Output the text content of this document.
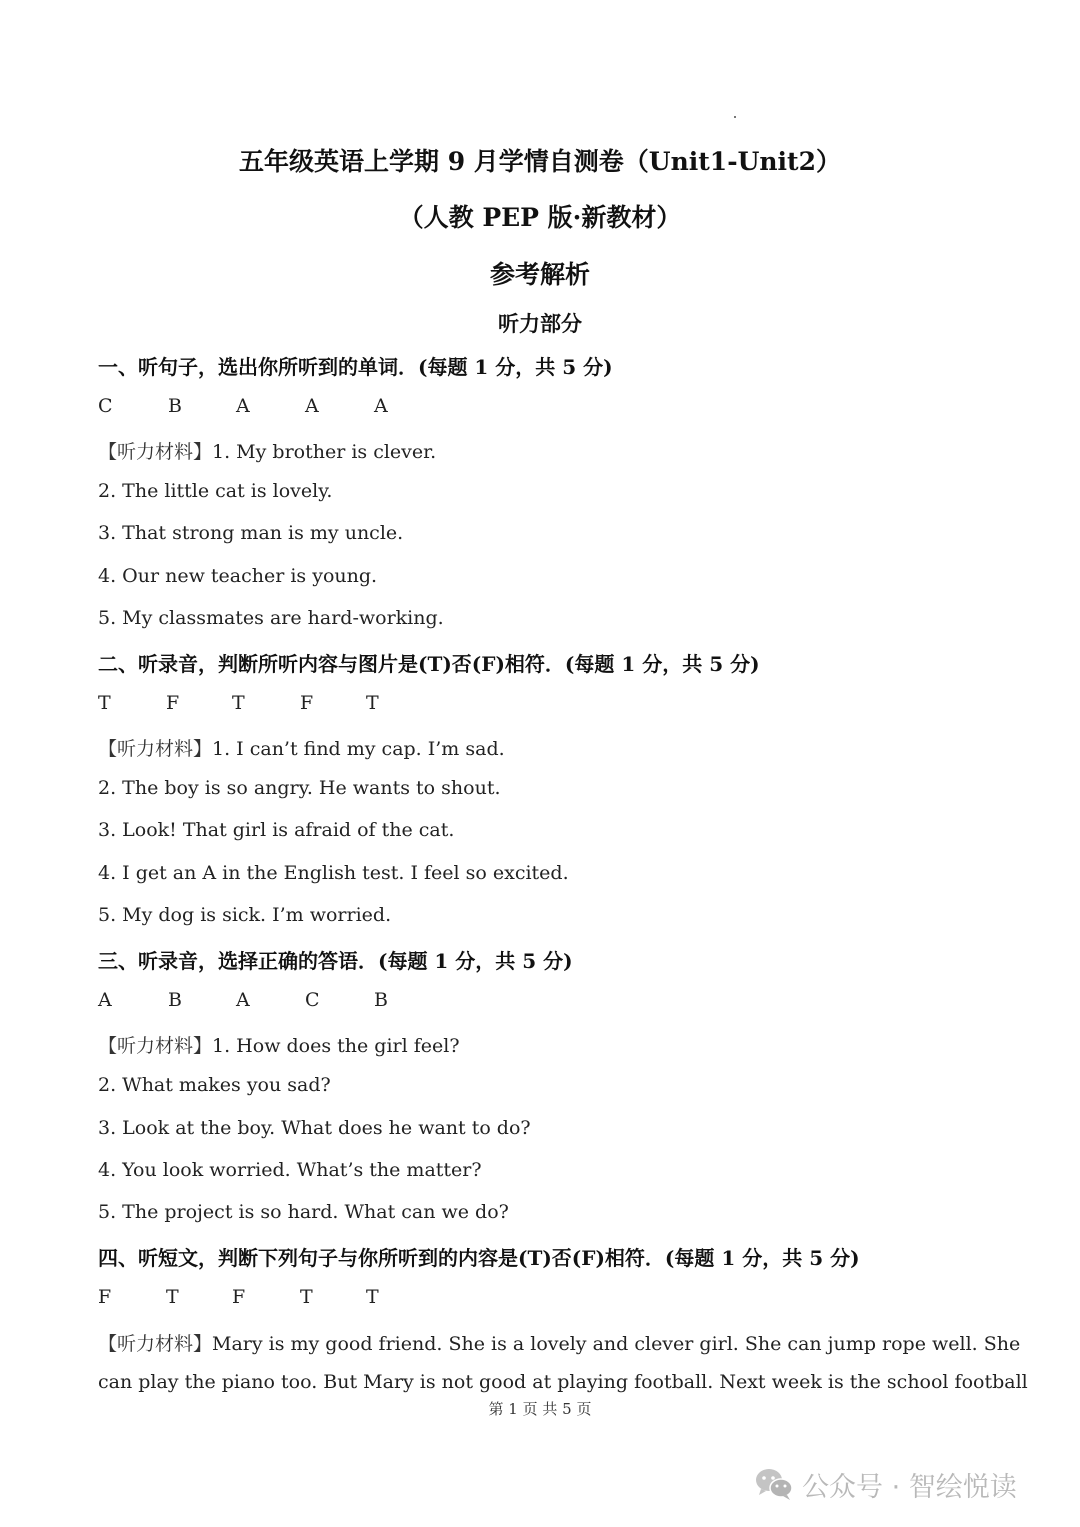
五年级英语上学期 9 月学情自测卷（Unit1-Unit2）
（人教 PEP 版·新教材）
参考解析
听力部分
一、听句子，选出你所听到的单词．(每题 1 分，共 5 分)
C	B	A	A	A
【听力材料】1. My brother is clever.
2. The little cat is lovely.
3. That strong man is my uncle.
4. Our new teacher is young.
5. My classmates are hard-working.
二、听录音，判断所听内容与图片是(T)否(F)相符．(每题 1 分，共 5 分)
T	F	T	F	T
【听力材料】1. I can’t find my cap. I’m sad.
2. The boy is so angry. He wants to shout.
3. Look! That girl is afraid of the cat.
4. I get an A in the English test. I feel so excited.
5. My dog is sick. I’m worried.
三、听录音，选择正确的答语．(每题 1 分，共 5 分)
A	B	A	C	B
【听力材料】1. How does the girl feel?
2. What makes you sad?
3. Look at the boy. What does he want to do?
4. You look worried. What’s the matter?
5. The project is so hard. What can we do?
四、听短文，判断下列句子与你所听到的内容是(T)否(F)相符．(每题 1 分，共 5 分)
F	T	F	T	T
【听力材料】Mary is my good friend. She is a lovely and clever girl. She can jump rope well. She
can play the piano too. But Mary is not good at playing football. Next week is the school football
第 1 页 共 5 页
公众号 · 智绘悦读
